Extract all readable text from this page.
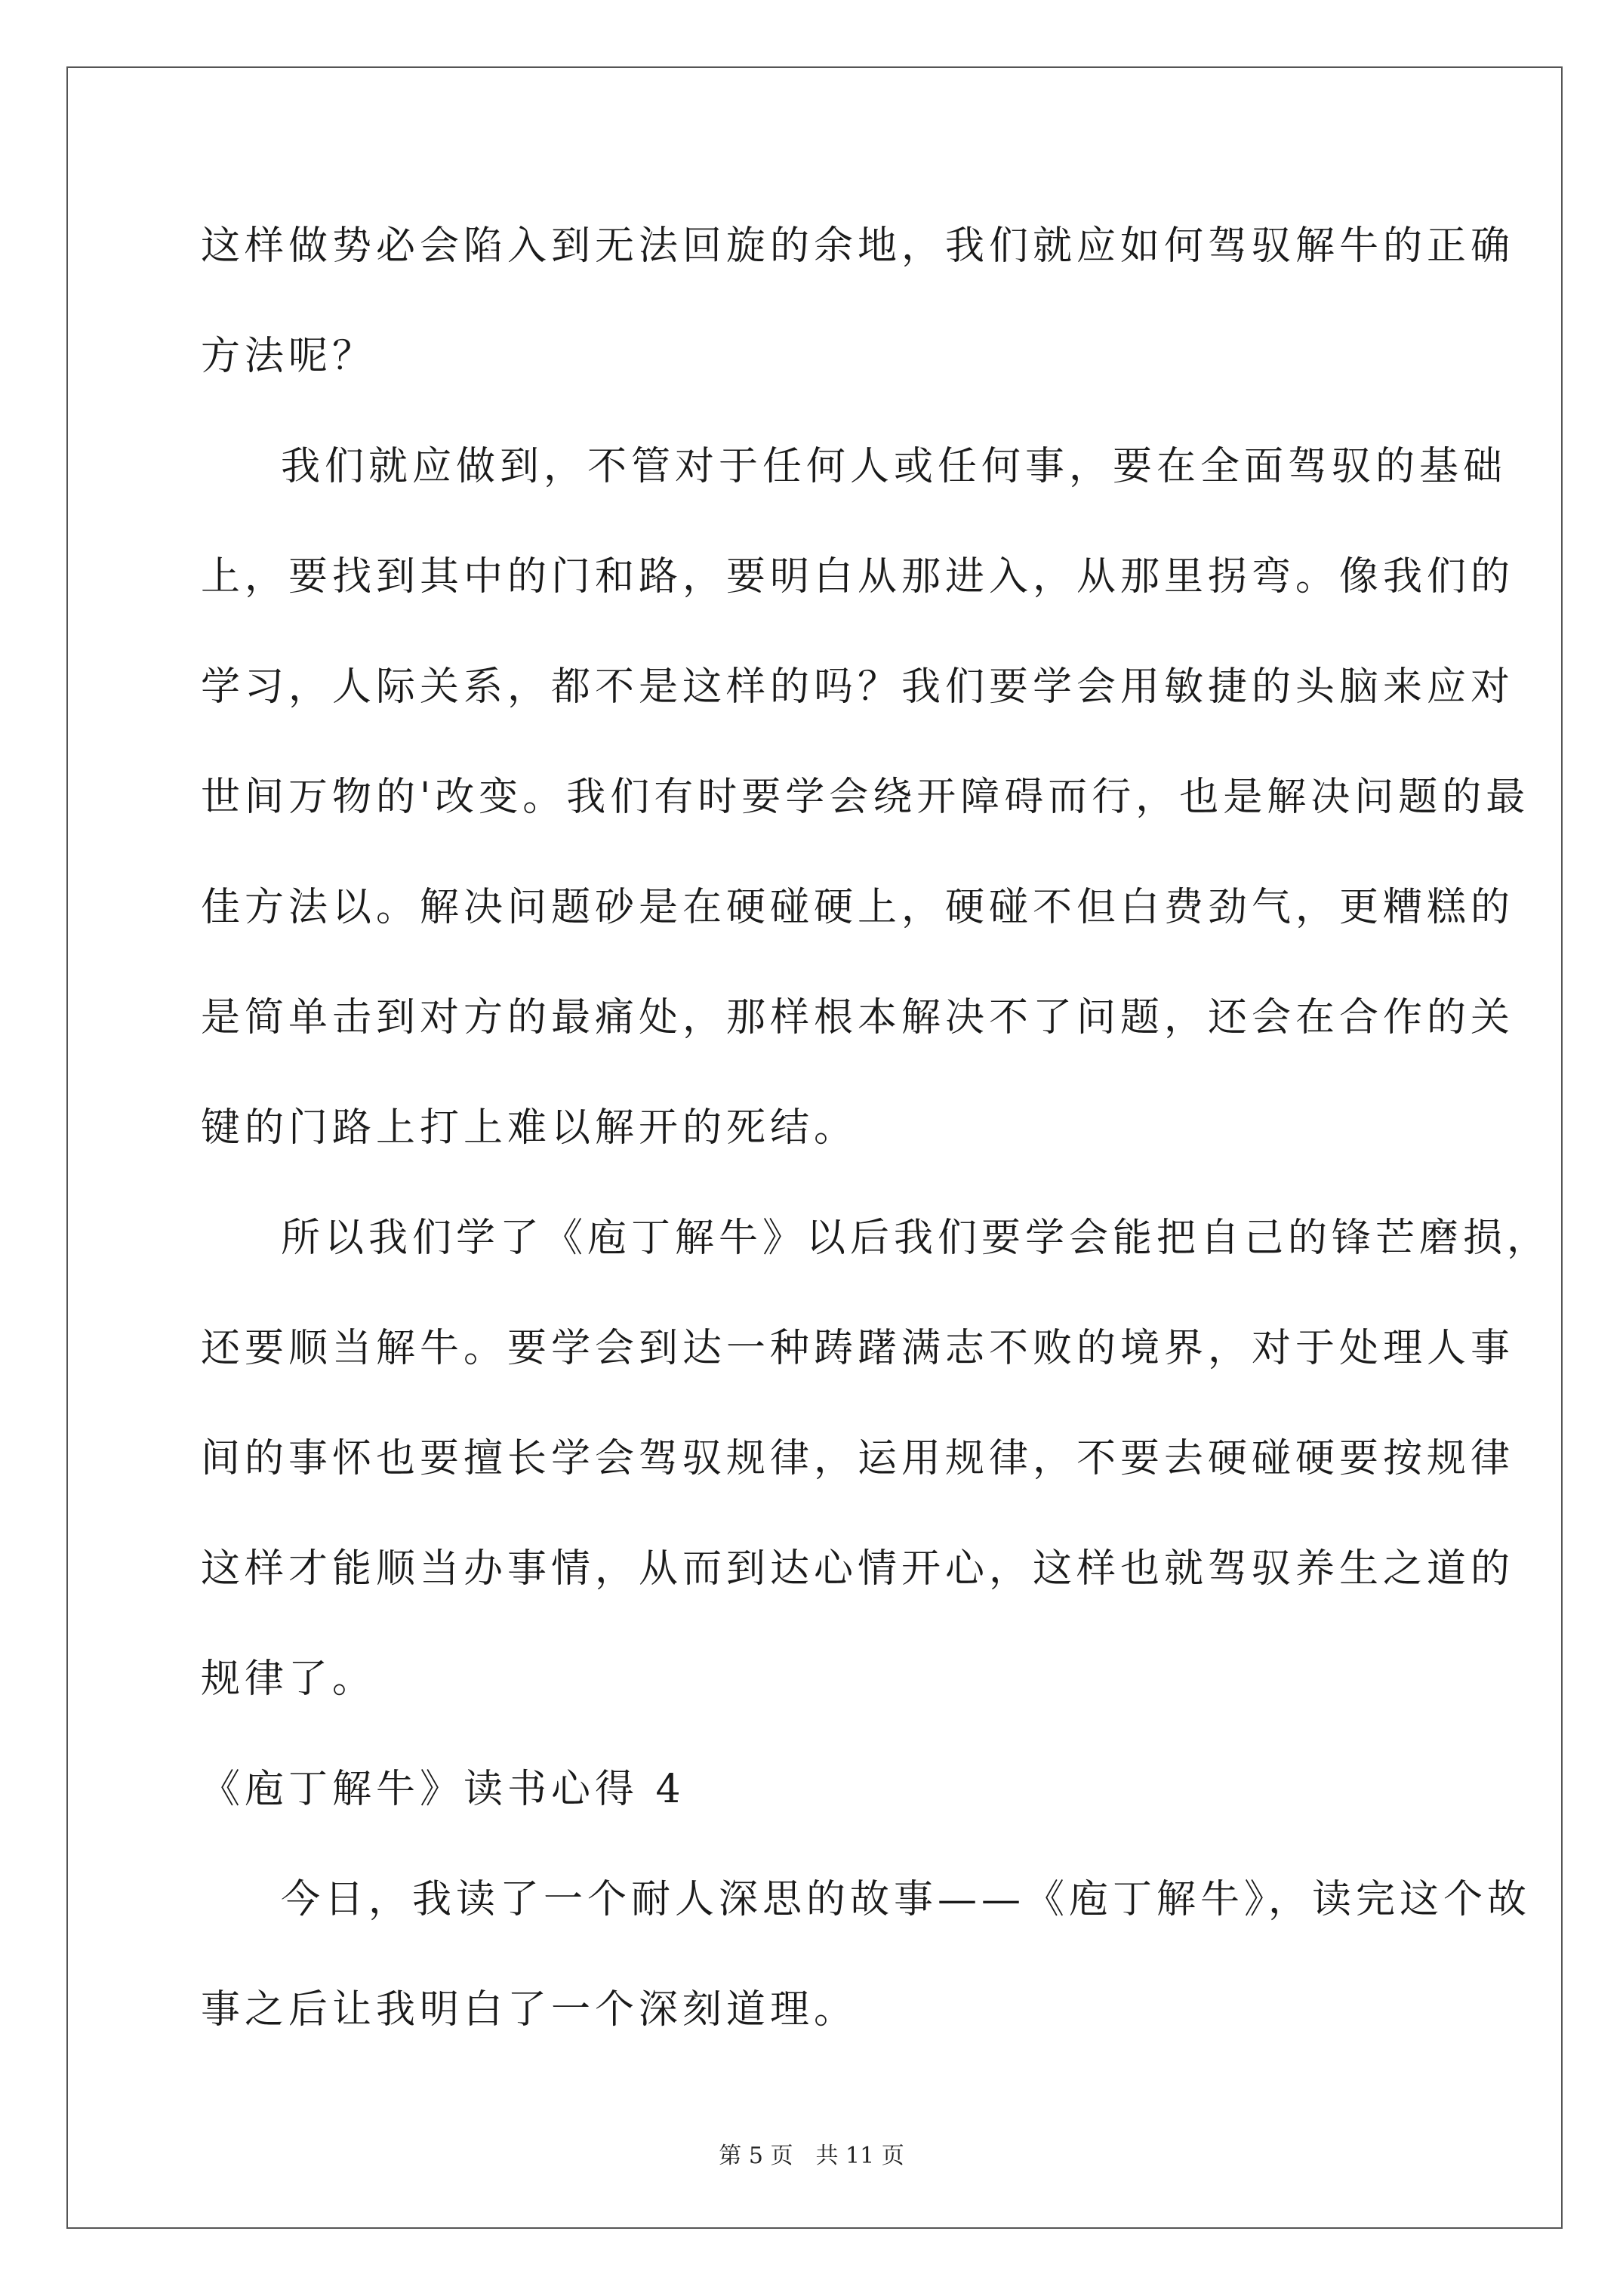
这样做势必会陷入到无法回旋的余地，我们就应如何驾驭解牛的正确
方法呢？
我们就应做到，不管对于任何人或任何事，要在全面驾驭的基础
上，要找到其中的门和路，要明白从那进入，从那里拐弯。像我们的
学习，人际关系，都不是这样的吗？我们要学会用敏捷的头脑来应对
世间万物的'改变。我们有时要学会绕开障碍而行，也是解决问题的最
佳方法以。解决问题砂是在硬碰硬上，硬碰不但白费劲气，更糟糕的
是简单击到对方的最痛处，那样根本解决不了问题，还会在合作的关
键的门路上打上难以解开的死结。
所以我们学了《庖丁解牛》以后我们要学会能把自己的锋芒磨损，
还要顺当解牛。要学会到达一种踌躇满志不败的境界，对于处理人事
间的事怀也要擅长学会驾驭规律，运用规律，不要去硬碰硬要按规律
这样才能顺当办事情，从而到达心情开心，这样也就驾驭养生之道的
规律了。
《庖丁解牛》读书心得 4
今日，我读了一个耐人深思的故事——《庖丁解牛》，读完这个故
事之后让我明白了一个深刻道理。
第 5 页　共 11 页
